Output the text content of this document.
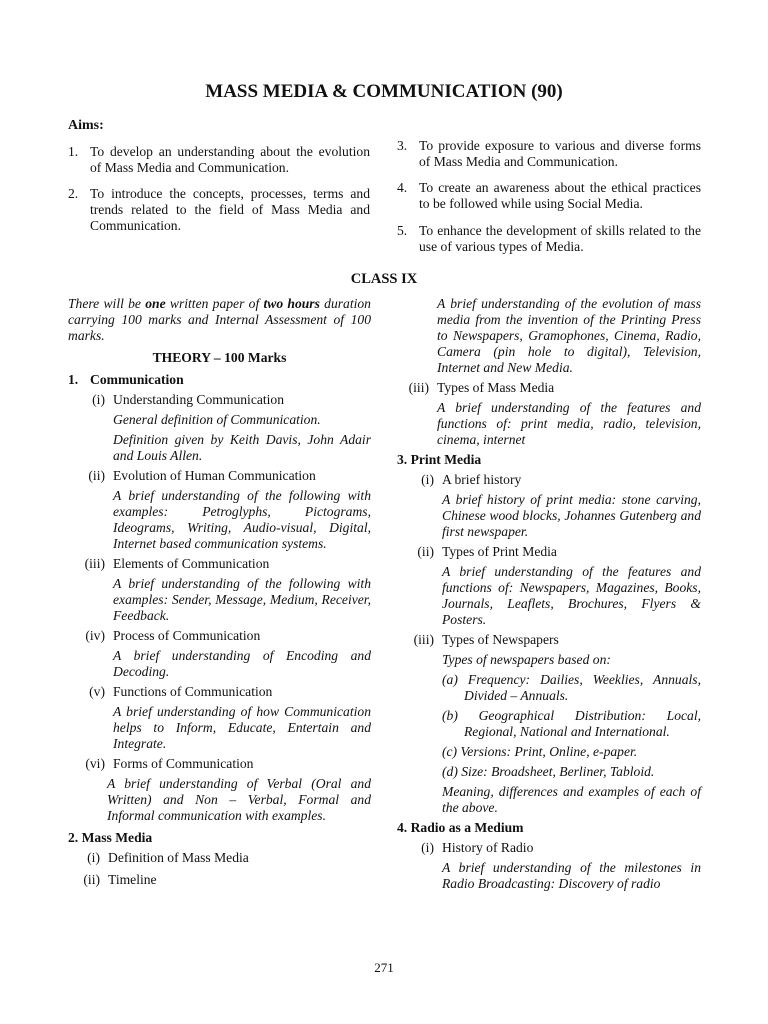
MASS MEDIA & COMMUNICATION (90)
Aims:
1. To develop an understanding about the evolution of Mass Media and Communication.
2. To introduce the concepts, processes, terms and trends related to the field of Mass Media and Communication.
3. To provide exposure to various and diverse forms of Mass Media and Communication.
4. To create an awareness about the ethical practices to be followed while using Social Media.
5. To enhance the development of skills related to the use of various types of Media.
CLASS IX
There will be one written paper of two hours duration carrying 100 marks and Internal Assessment of 100 marks.
THEORY – 100 Marks
1. Communication
(i) Understanding Communication
General definition of Communication.
Definition given by Keith Davis, John Adair and Louis Allen.
(ii) Evolution of Human Communication
A brief understanding of the following with examples: Petroglyphs, Pictograms, Ideograms, Writing, Audio-visual, Digital, Internet based communication systems.
(iii) Elements of Communication
A brief understanding of the following with examples: Sender, Message, Medium, Receiver, Feedback.
(iv) Process of Communication
A brief understanding of Encoding and Decoding.
(v) Functions of Communication
A brief understanding of how Communication helps to Inform, Educate, Entertain and Integrate.
(vi) Forms of Communication
A brief understanding of Verbal (Oral and Written) and Non – Verbal, Formal and Informal communication with examples.
2. Mass Media
(i) Definition of Mass Media
(ii) Timeline
A brief understanding of the evolution of mass media from the invention of the Printing Press to Newspapers, Gramophones, Cinema, Radio, Camera (pin hole to digital), Television, Internet and New Media.
(iii) Types of Mass Media
A brief understanding of the features and functions of: print media, radio, television, cinema, internet
3. Print Media
(i) A brief history
A brief history of print media: stone carving, Chinese wood blocks, Johannes Gutenberg and first newspaper.
(ii) Types of Print Media
A brief understanding of the features and functions of: Newspapers, Magazines, Books, Journals, Leaflets, Brochures, Flyers & Posters.
(iii) Types of Newspapers
Types of newspapers based on:
(a) Frequency: Dailies, Weeklies, Annuals, Divided – Annuals.
(b) Geographical Distribution: Local, Regional, National and International.
(c) Versions: Print, Online, e-paper.
(d) Size: Broadsheet, Berliner, Tabloid.
Meaning, differences and examples of each of the above.
4. Radio as a Medium
(i) History of Radio
A brief understanding of the milestones in Radio Broadcasting: Discovery of radio
271
